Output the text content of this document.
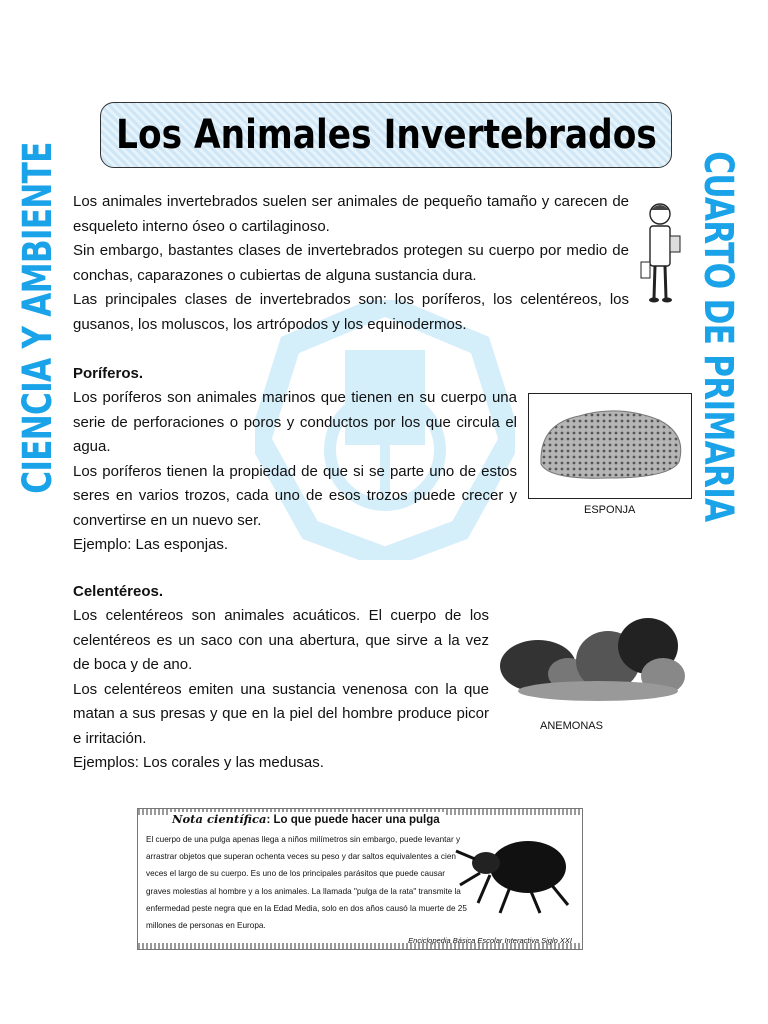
CIENCIA Y AMBIENTE	CUARTO DE PRIMARIA
Los Animales Invertebrados

Los animales invertebrados suelen ser animales de pequeño tamaño y carecen de esqueleto interno óseo o cartilaginoso.

Sin embargo, bastantes clases de invertebrados protegen su cuerpo por medio de conchas, caparazones o cubiertas de alguna sustancia dura.

Las principales clases de invertebrados son: los poríferos, los celentéreos, los gusanos, los moluscos, los artrópodos y los equinodermos.

Poríferos.

Los poríferos son animales marinos que tienen en su cuerpo una serie de perforaciones o poros y conductos por los que circula el agua.

Los poríferos tienen la propiedad de que si se parte uno de estos seres en varios trozos, cada uno de esos trozos puede crecer y convertirse en un nuevo ser.

Ejemplo: Las esponjas.

ESPONJA
Celentéreos.

Los celentéreos son animales acuáticos. El cuerpo de los celentéreos es un saco con una abertura, que sirve a la vez de boca y de ano.

Los celentéreos emiten una sustancia venenosa con la que matan a sus presas y que en la piel del hombre produce picor e irritación.

Ejemplos: Los corales y las medusas.

ANEMONAS
Nota científica: Lo que puede hacer una pulga
El cuerpo de una pulga apenas llega a niños milímetros sin embargo, puede levantar y arrastrar objetos que superan ochenta veces su peso y dar saltos equivalentes a cien veces el largo de su cuerpo. Es uno de los principales parásitos que puede causar graves molestias al hombre y a los animales. La llamada "pulga de la rata" transmite la enfermedad peste negra que en la Edad Media, solo en dos años causó la muerte de 25 millones de personas en Europa.
Enciclopedia Básica Escolar Interactiva Siglo XXI
